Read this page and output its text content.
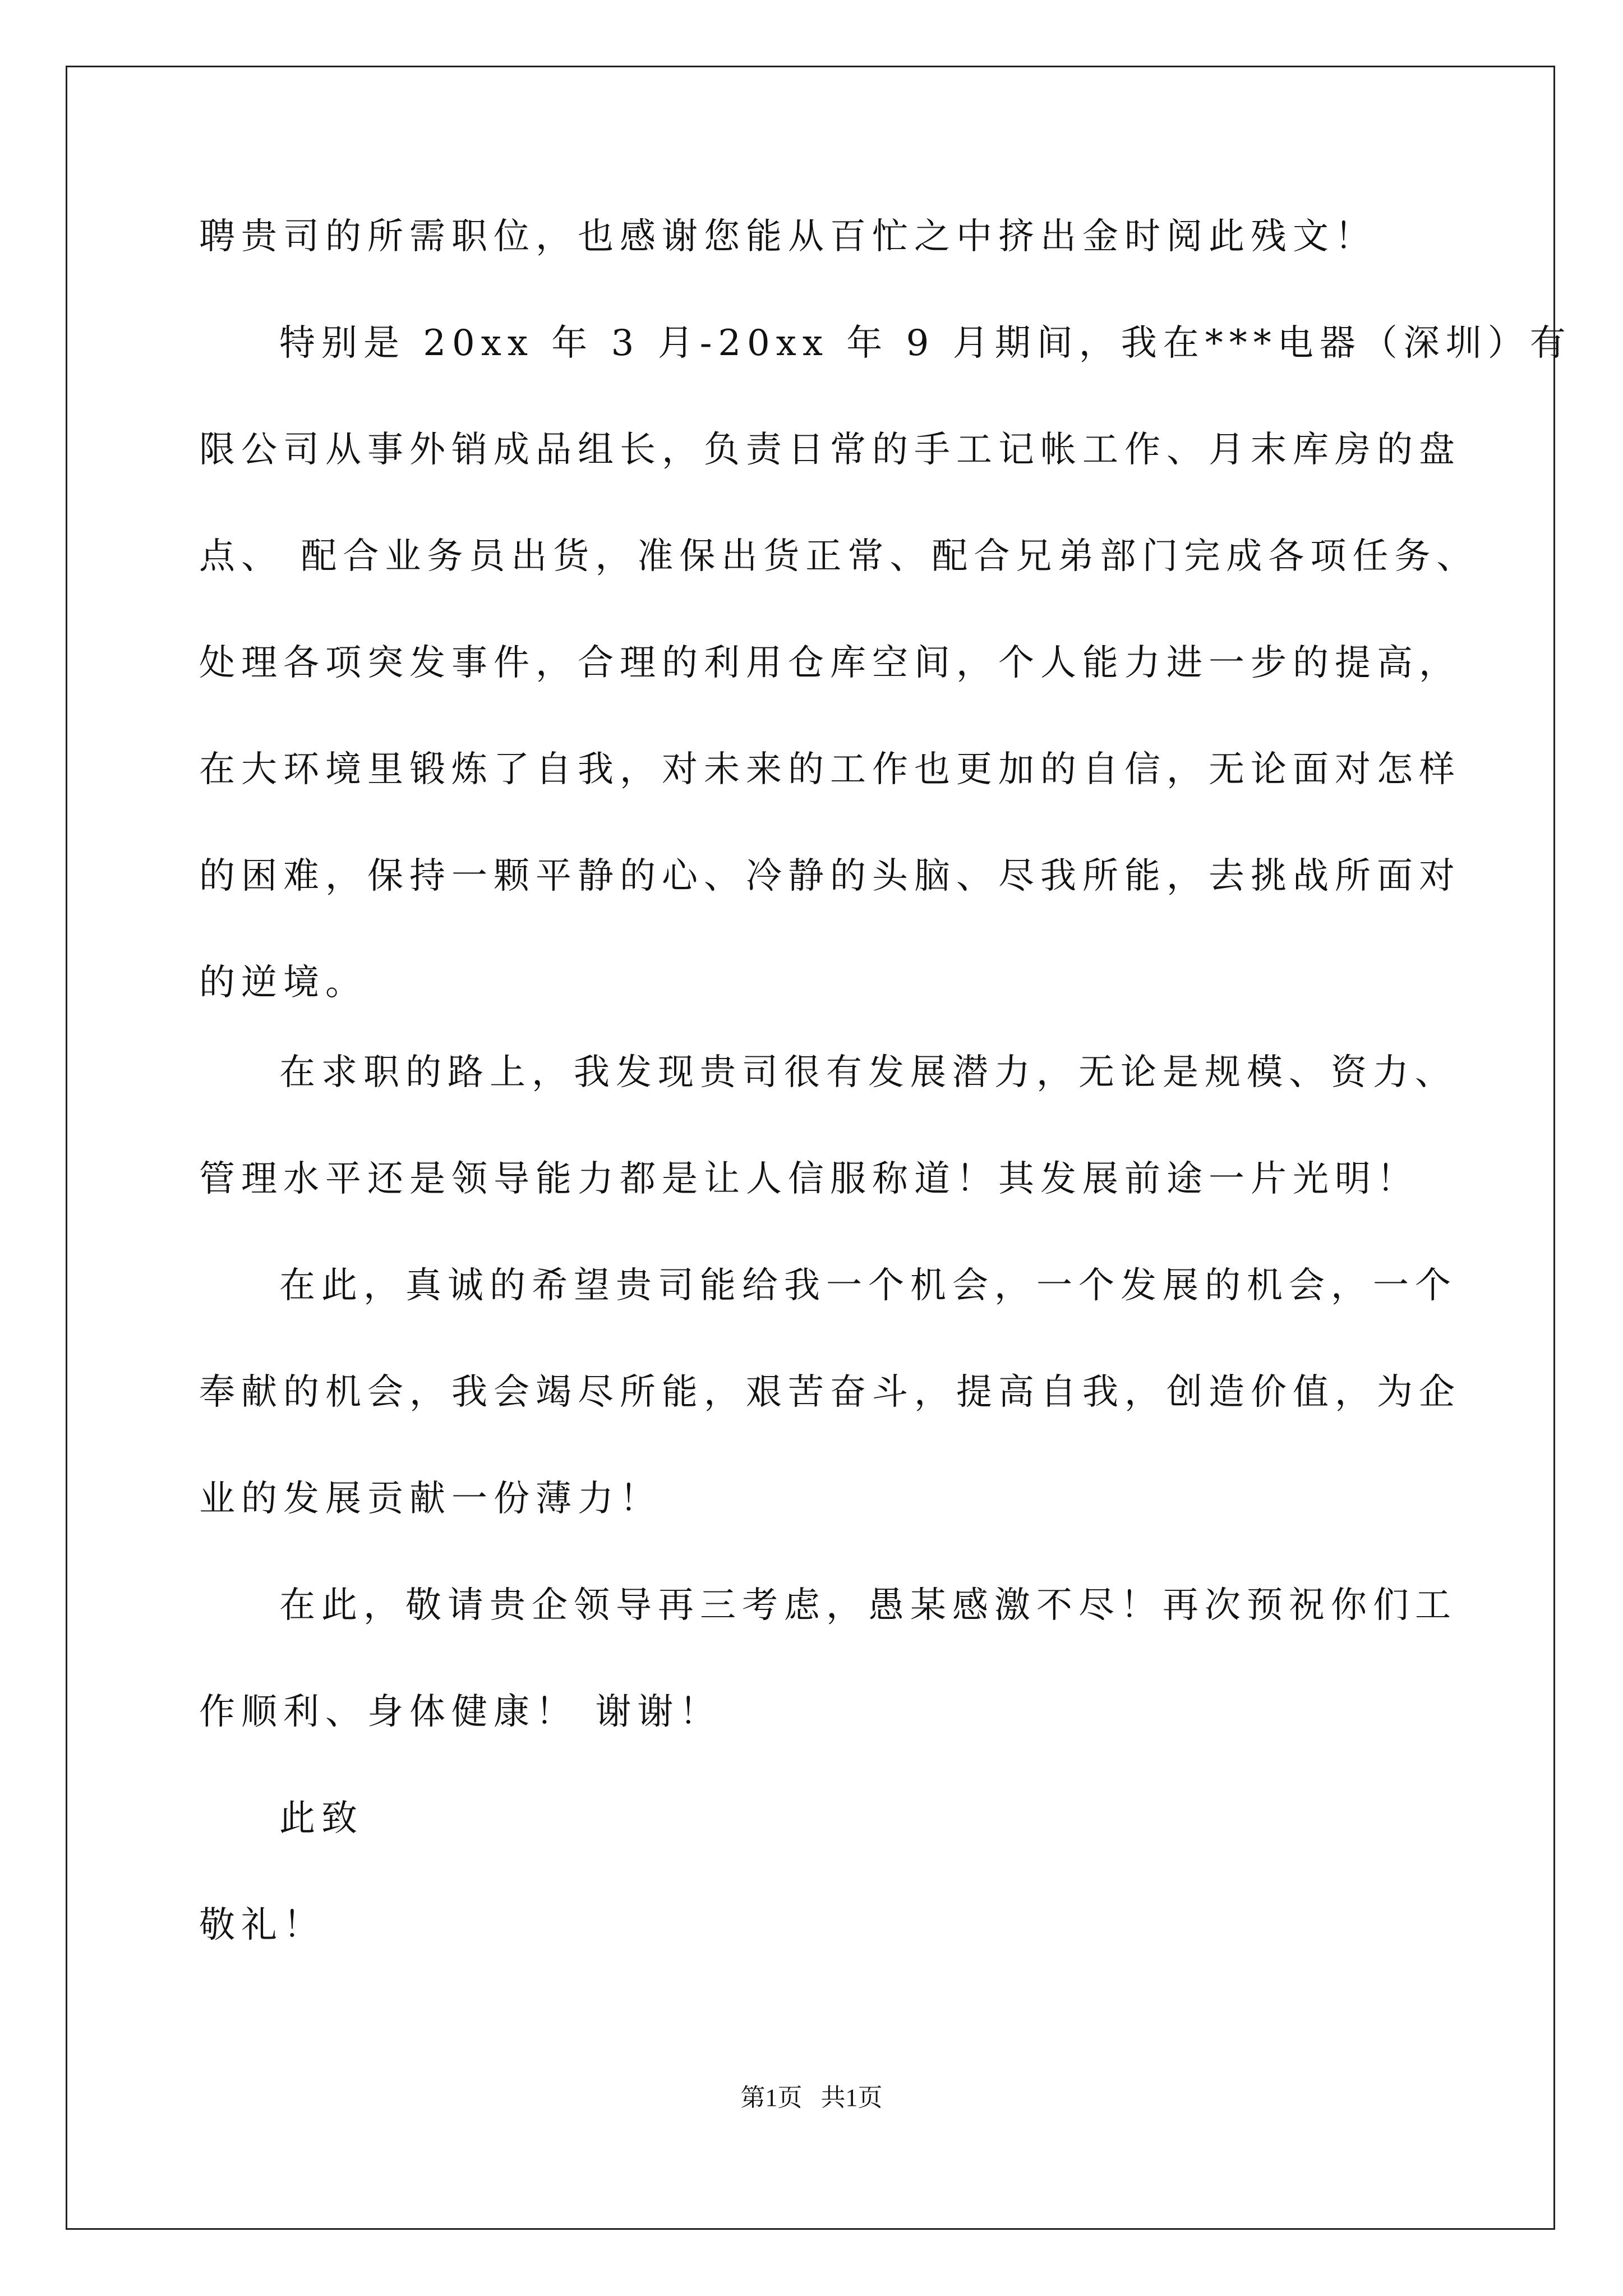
聘贵司的所需职位，也感谢您能从百忙之中挤出金时阅此残文！

特别是 20xx 年 3 月-20xx 年 9 月期间，我在***电器（深圳）有

限公司从事外销成品组长，负责日常的手工记帐工作、月末库房的盘

点、 配合业务员出货，准保出货正常、配合兄弟部门完成各项任务、

处理各项突发事件，合理的利用仓库空间，个人能力进一步的提高，

在大环境里锻炼了自我，对未来的工作也更加的自信，无论面对怎样

的困难，保持一颗平静的心、冷静的头脑、尽我所能，去挑战所面对

的逆境。

在求职的路上，我发现贵司很有发展潜力，无论是规模、资力、

管理水平还是领导能力都是让人信服称道！其发展前途一片光明！

在此，真诚的希望贵司能给我一个机会，一个发展的机会，一个

奉献的机会，我会竭尽所能，艰苦奋斗，提高自我，创造价值，为企

业的发展贡献一份薄力！

在此，敬请贵企领导再三考虑，愚某感激不尽！再次预祝你们工

作顺利、身体健康！ 谢谢！

此致

敬礼！

第1页   共1页
